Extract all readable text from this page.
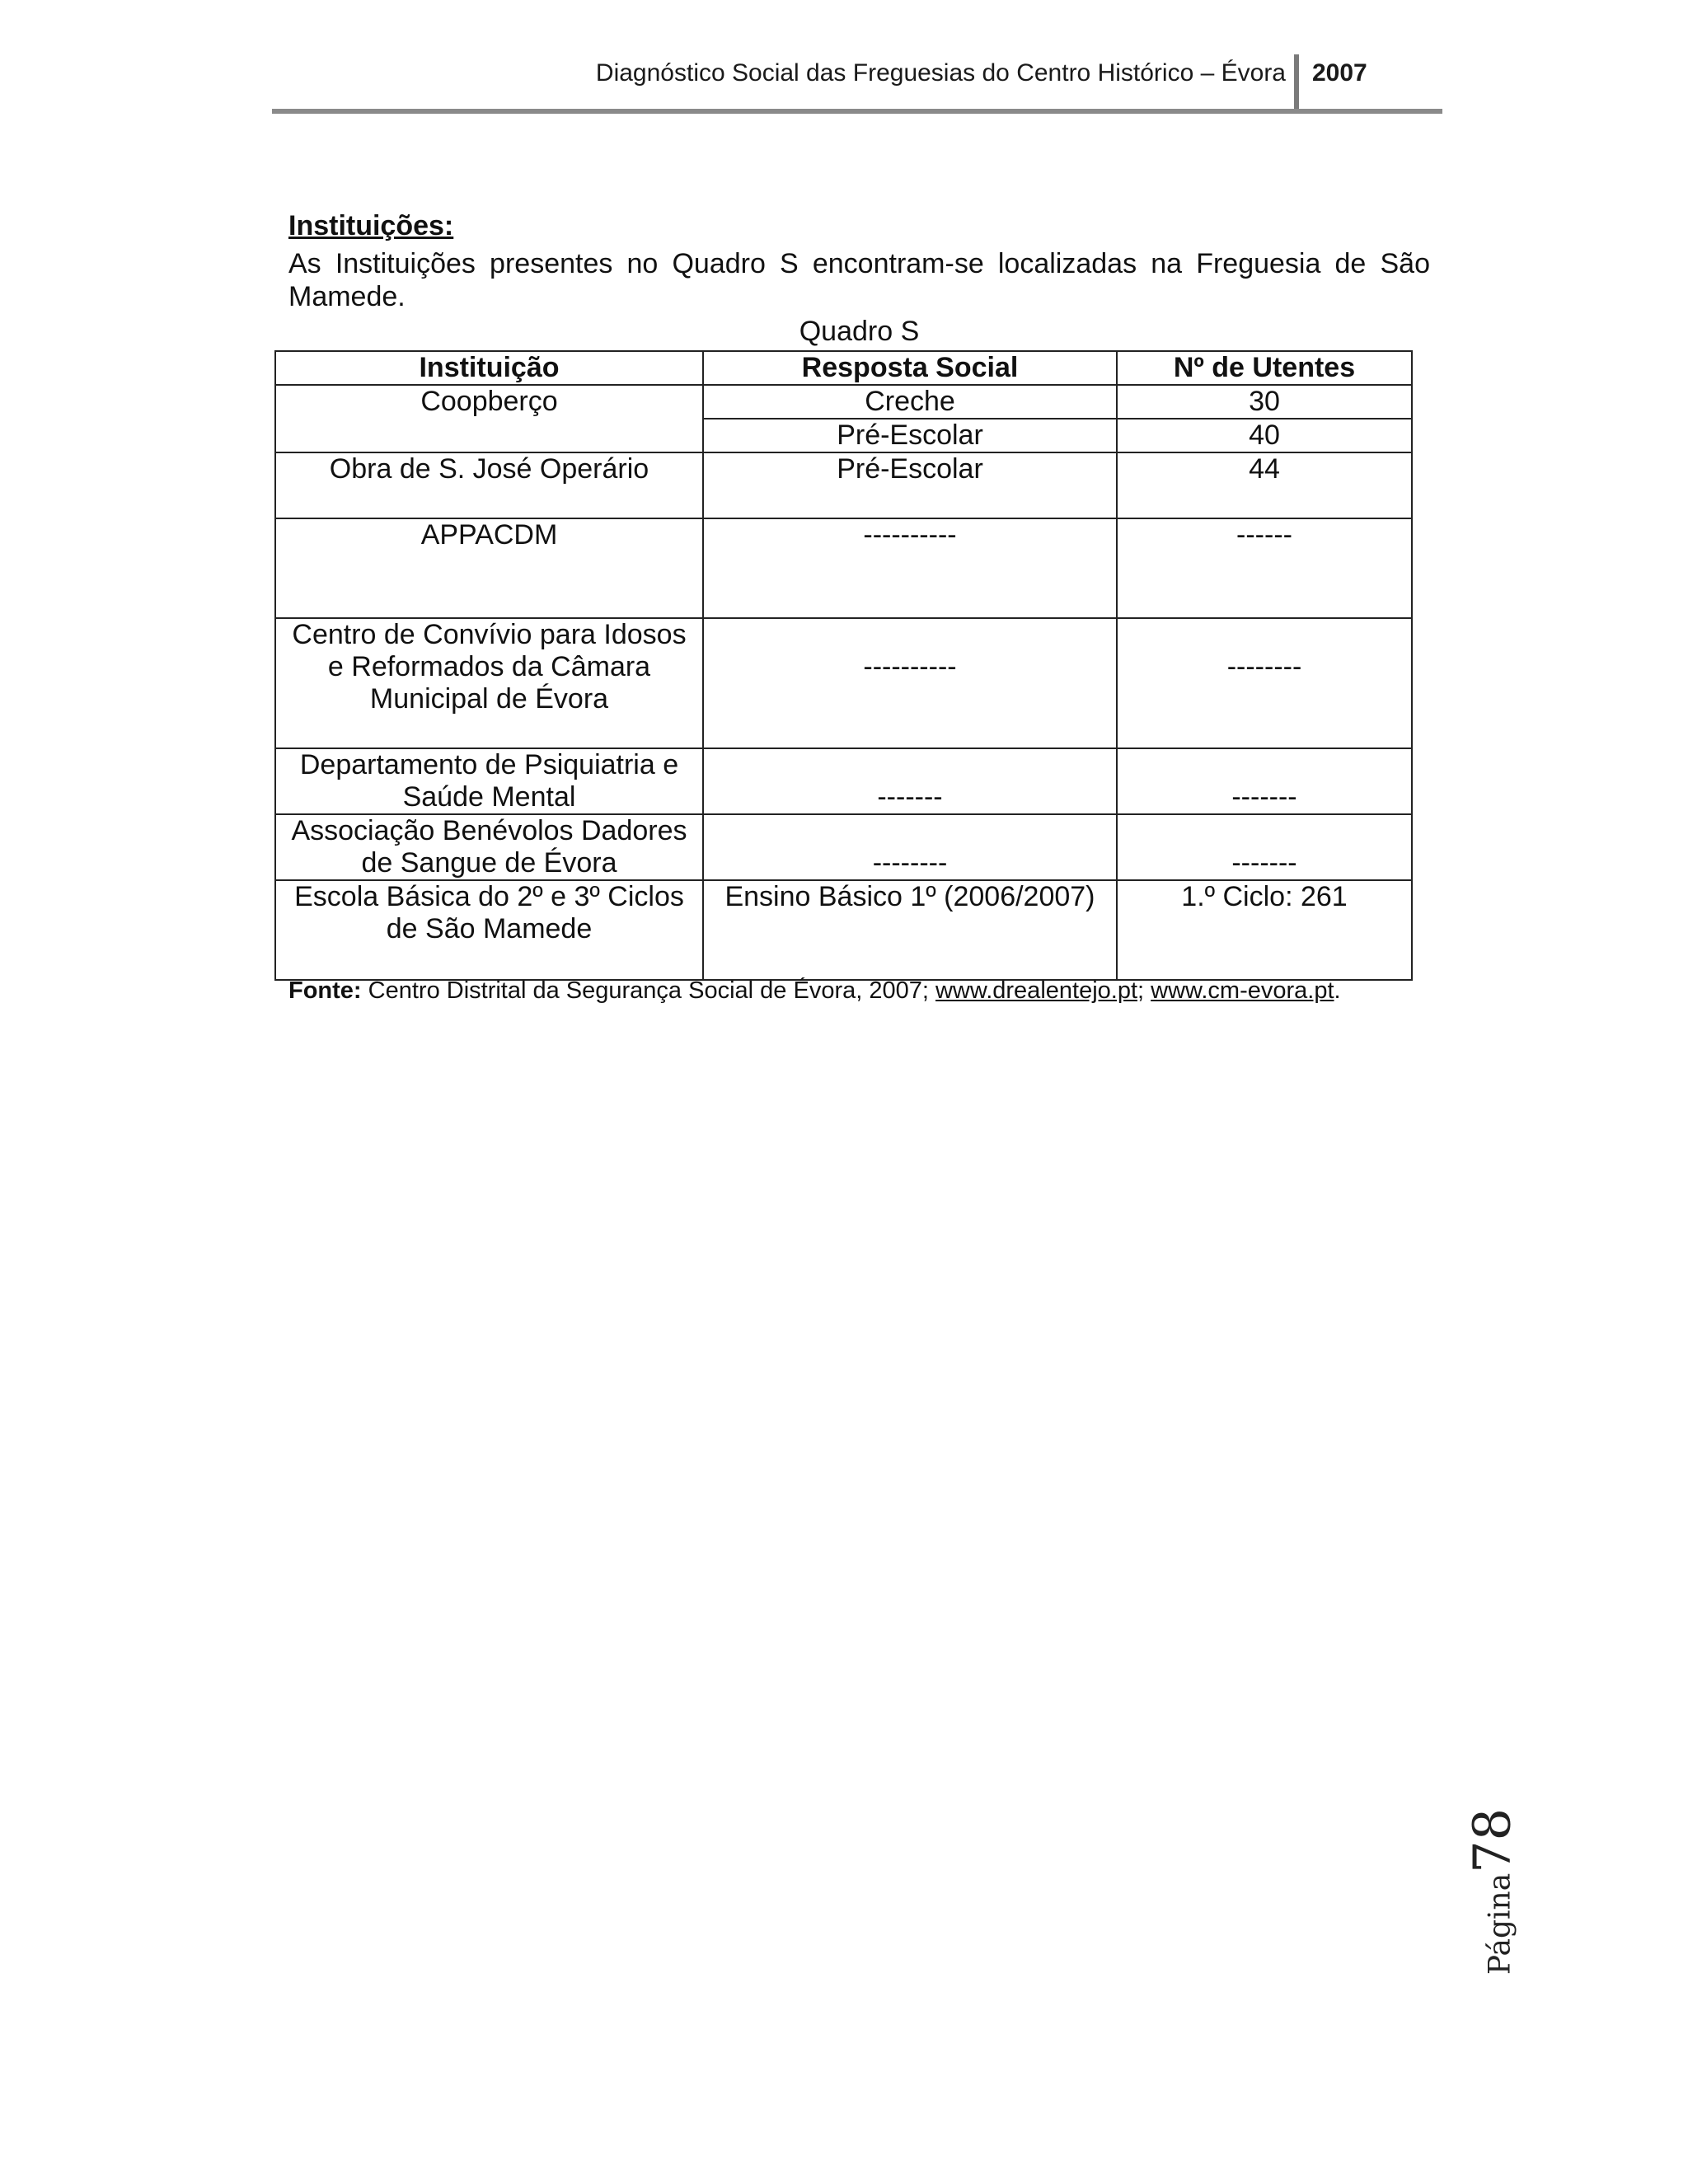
Diagnóstico Social das Freguesias do Centro Histórico – Évora 2007
Instituições:

As Instituições presentes no Quadro S encontram-se localizadas na Freguesia de São Mamede.

Quadro S
Instituição	Resposta Social	Nº de Utentes
Coopberço	Creche	30
	Pré-Escolar	40
Obra de S. José Operário	Pré-Escolar	44
APPACDM	----------	------

Centro de Convívio para Idosos
e Reformados da Câmara
Municipal de Évora	----------	--------

Departamento de Psiquiatria e
Saúde Mental	-------	-------

Associação Benévolos Dadores
de Sangue de Évora	--------	-------

Escola Básica do 2º e 3º Ciclos
de São Mamede	Ensino Básico 1º (2006/2007)	1.º Ciclo: 261
Fonte: Centro Distrital da Segurança Social de Évora, 2007; www.drealentejo.pt; www.cm-evora.pt.
Página78
